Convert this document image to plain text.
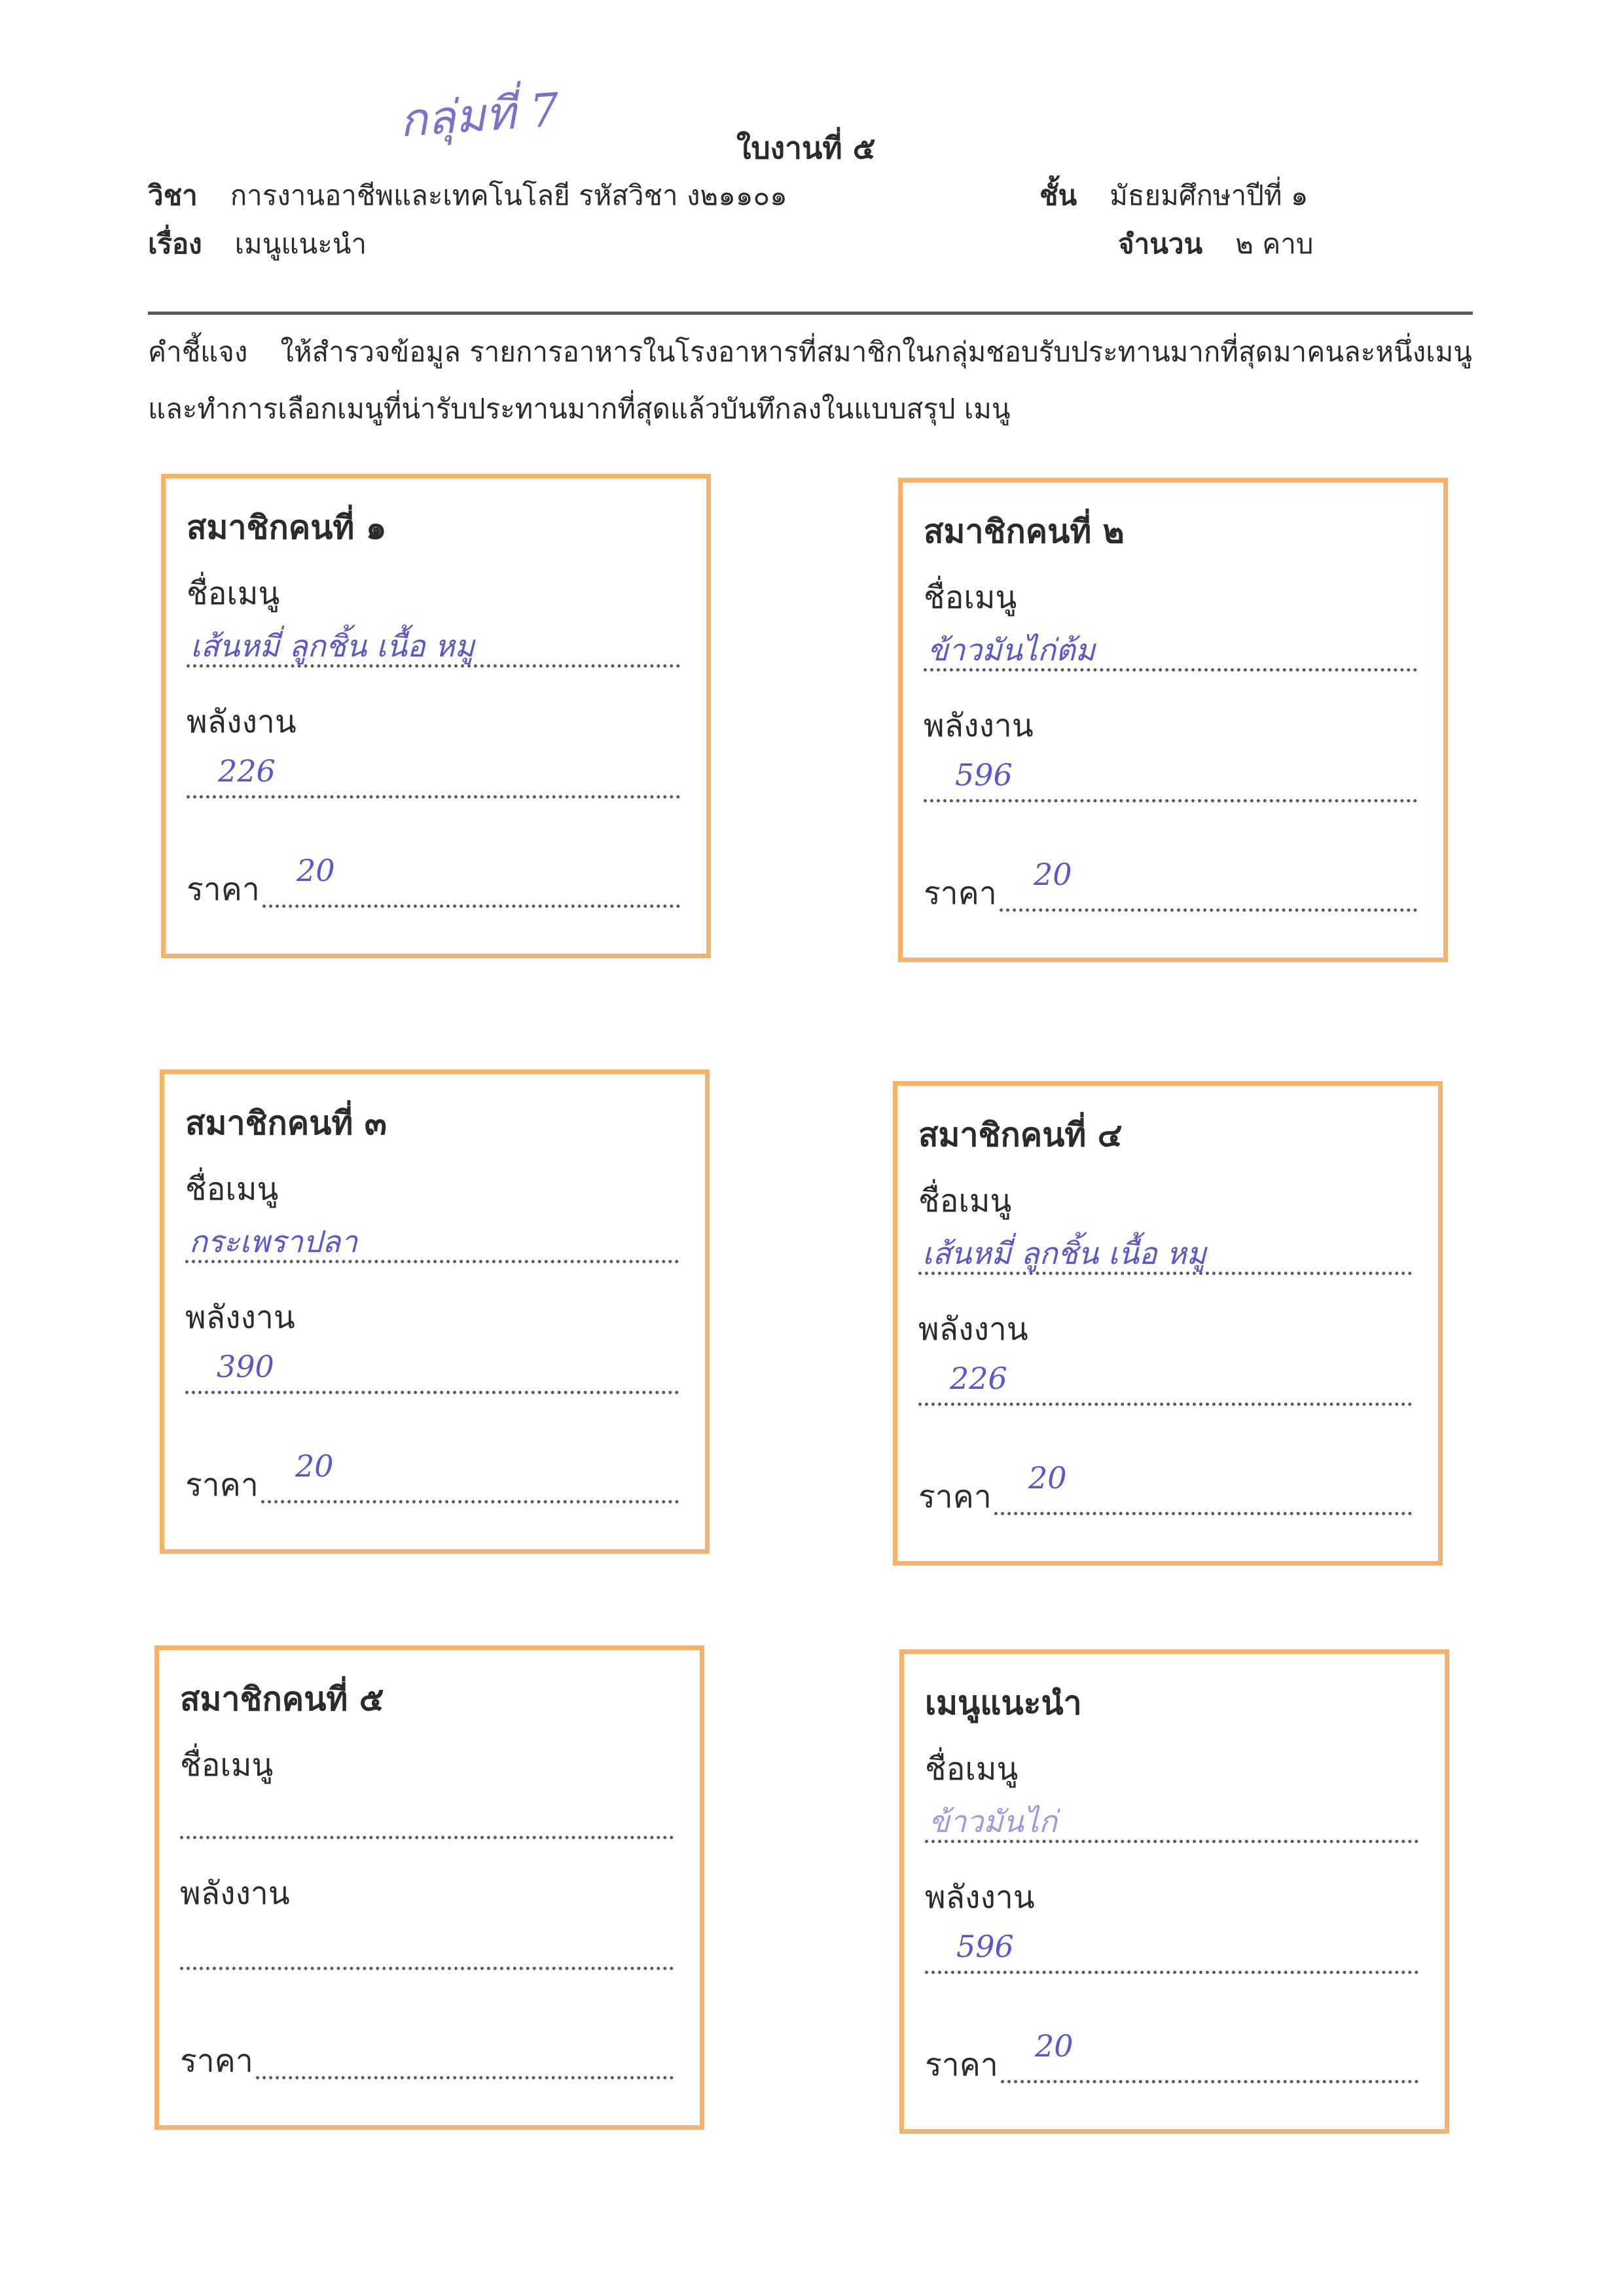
กลุ่มที่ 7
ใบงานที่ ๕
วิชา การงานอาชีพและเทคโนโลยี รหัสวิชา ง๒๑๑๐๑	ชั้น มัธยมศึกษาปีที่ ๑
เรื่อง เมนูแนะนำ	จำนวน ๒ คาบ
คำชี้แจง ให้สำรวจข้อมูล รายการอาหารในโรงอาหารที่สมาชิกในกลุ่มชอบรับประทานมากที่สุดมาคนละหนึ่งเมนู
และทำการเลือกเมนูที่น่ารับประทานมากที่สุดแล้วบันทึกลงในแบบสรุป เมนู
สมาชิกคนที่ ๑
ชื่อเมนู
เส้นหมี่ ลูกชิ้น เนื้อ หมู
พลังงาน
226
ราคา
20
สมาชิกคนที่ ๒
ชื่อเมนู
ข้าวมันไก่ต้ม
พลังงาน
596
ราคา
20
สมาชิกคนที่ ๓
ชื่อเมนู
กระเพราปลา
พลังงาน
390
ราคา
20
สมาชิกคนที่ ๔
ชื่อเมนู
เส้นหมี่ ลูกชิ้น เนื้อ หมู
พลังงาน
226
ราคา
20
สมาชิกคนที่ ๕
ชื่อเมนู
พลังงาน
ราคา
เมนูแนะนำ
ชื่อเมนู
ข้าวมันไก่
พลังงาน
596
ราคา
20
